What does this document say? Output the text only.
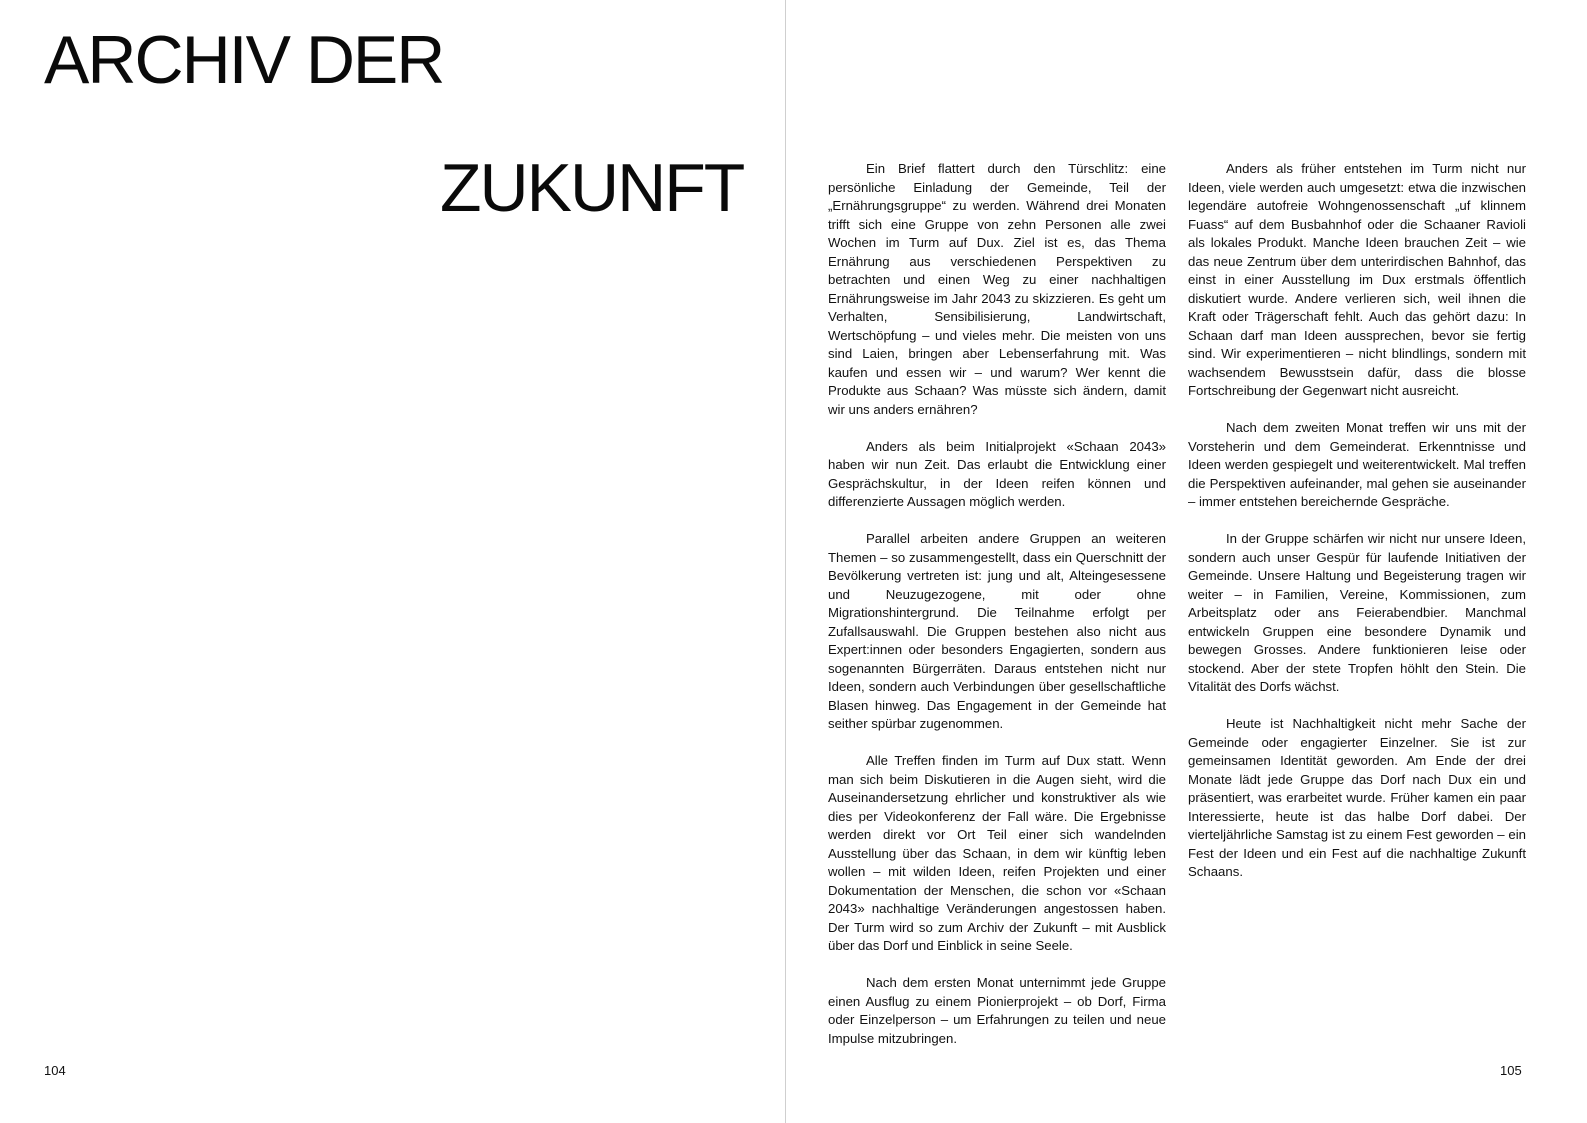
ARCHIV DER
ZUKUNFT	Ein Brief flattert durch den Türschlitz: eine persönliche Einladung der Gemeinde, Teil der „Ernährungsgruppe“ zu werden. Während drei Monaten trifft sich eine Gruppe von zehn Personen alle zwei Wochen im Turm auf Dux. Ziel ist es, das Thema Ernährung aus verschiedenen Perspektiven zu betrachten und einen Weg zu einer nachhaltigen Ernährungsweise im Jahr 2043 zu skizzieren. Es geht um Verhalten, Sensibilisierung, Landwirtschaft, Wertschöpfung – und vieles mehr. Die meisten von uns sind Laien, bringen aber Lebenserfahrung mit. Was kaufen und essen wir – und warum? Wer kennt die Produkte aus Schaan? Was müsste sich ändern, damit wir uns anders ernähren?

Anders als beim Initialprojekt «Schaan 2043» haben wir nun Zeit. Das erlaubt die Entwicklung einer Gesprächskultur, in der Ideen reifen können und differenzierte Aussagen möglich werden.

Parallel arbeiten andere Gruppen an weiteren Themen – so zusammengestellt, dass ein Querschnitt der Bevölkerung vertreten ist: jung und alt, Alteingesessene und Neuzugezogene, mit oder ohne Migrationshintergrund. Die Teilnahme erfolgt per Zufallsauswahl. Die Gruppen bestehen also nicht aus Expert:innen oder besonders Engagierten, sondern aus sogenannten Bürgerräten. Daraus entstehen nicht nur Ideen, sondern auch Verbindungen über gesellschaftliche Blasen hinweg. Das Engagement in der Gemeinde hat seither spürbar zugenommen.

Alle Treffen finden im Turm auf Dux statt. Wenn man sich beim Diskutieren in die Augen sieht, wird die Auseinandersetzung ehrlicher und konstruktiver als wie dies per Videokonferenz der Fall wäre. Die Ergebnisse werden direkt vor Ort Teil einer sich wandelnden Ausstellung über das Schaan, in dem wir künftig leben wollen – mit wilden Ideen, reifen Projekten und einer Dokumentation der Menschen, die schon vor «Schaan 2043» nachhaltige Veränderungen angestossen haben. Der Turm wird so zum Archiv der Zukunft – mit Ausblick über das Dorf und Einblick in seine Seele.

Nach dem ersten Monat unternimmt jede Gruppe einen Ausflug zu einem Pionierprojekt – ob Dorf, Firma oder Einzelperson – um Erfahrungen zu teilen und neue Impulse mitzubringen.

Anders als früher entstehen im Turm nicht nur Ideen, viele werden auch umgesetzt: etwa die inzwischen legendäre autofreie Wohngenossenschaft „uf klinnem Fuass“ auf dem Busbahnhof oder die Schaaner Ravioli als lokales Produkt. Manche Ideen brauchen Zeit – wie das neue Zentrum über dem unterirdischen Bahnhof, das einst in einer Ausstellung im Dux erstmals öffentlich diskutiert wurde. Andere verlieren sich, weil ihnen die Kraft oder Trägerschaft fehlt. Auch das gehört dazu: In Schaan darf man Ideen aussprechen, bevor sie fertig sind. Wir experimentieren – nicht blindlings, sondern mit wachsendem Bewusstsein dafür, dass die blosse Fortschreibung der Gegenwart nicht ausreicht.

Nach dem zweiten Monat treffen wir uns mit der Vorsteherin und dem Gemeinderat. Erkenntnisse und Ideen werden gespiegelt und weiterentwickelt. Mal treffen die Perspektiven aufeinander, mal gehen sie auseinander – immer entstehen bereichernde Gespräche.

In der Gruppe schärfen wir nicht nur unsere Ideen, sondern auch unser Gespür für laufende Initiativen der Gemeinde. Unsere Haltung und Begeisterung tragen wir weiter – in Familien, Vereine, Kommissionen, zum Arbeitsplatz oder ans Feierabendbier. Manchmal entwickeln Gruppen eine besondere Dynamik und bewegen Grosses. Andere funktionieren leise oder stockend. Aber der stete Tropfen höhlt den Stein. Die Vitalität des Dorfs wächst.

Heute ist Nachhaltigkeit nicht mehr Sache der Gemeinde oder engagierter Einzelner. Sie ist zur gemeinsamen Identität geworden. Am Ende der drei Monate lädt jede Gruppe das Dorf nach Dux ein und präsentiert, was erarbeitet wurde. Früher kamen ein paar Interessierte, heute ist das halbe Dorf dabei. Der vierteljährliche Samstag ist zu einem Fest geworden – ein Fest der Ideen und ein Fest auf die nachhaltige Zukunft Schaans.

104	105
